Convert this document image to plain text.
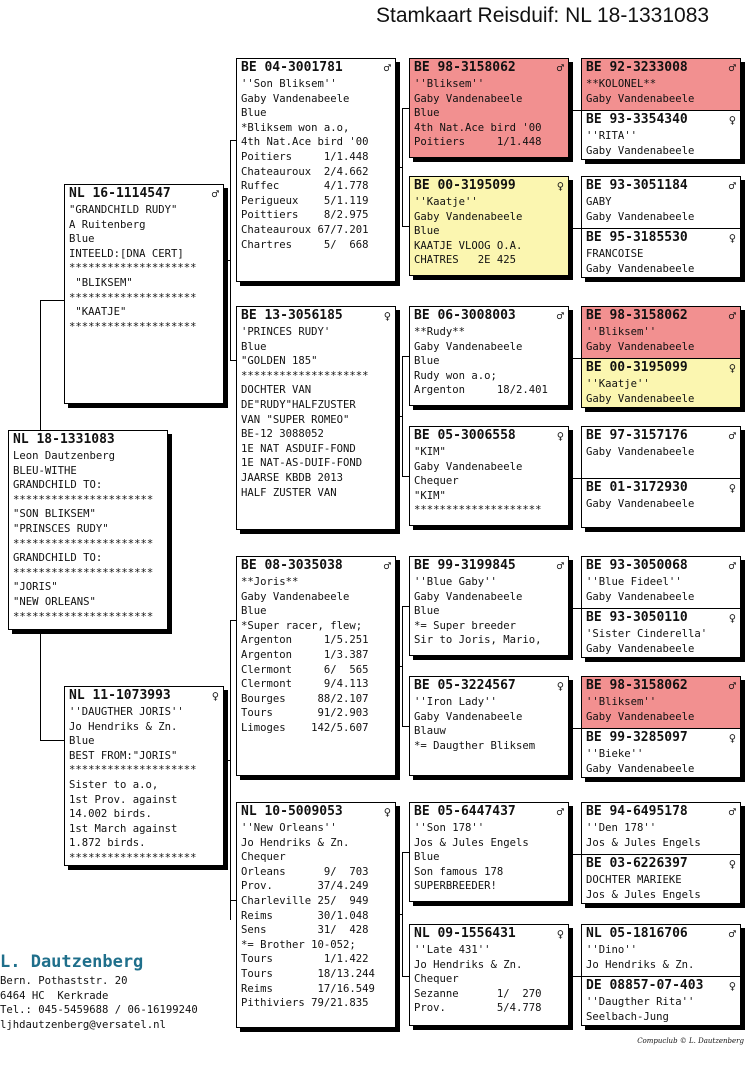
Stamkaart Reisduif: NL 18-1331083
NL 18-1331083
Leon Dautzenberg
BLEU-WITHE
GRANDCHILD TO:
**********************
"SON BLIKSEM"
"PRINSCES RUDY"
**********************
GRANDCHILD TO:
**********************
"JORIS"
"NEW ORLEANS"
**********************
NL 16-1114547	♂
"GRANDCHILD RUDY"
A Ruitenberg
Blue
INTEELD:[DNA CERT]
********************
"BLIKSEM"
********************
"KAATJE"
********************
NL 11-1073993	♀
''DAUGTHER JORIS''
Jo Hendriks & Zn.
Blue
BEST FROM:"JORIS"
********************
Sister to a.o,
1st Prov. against
14.002 birds.
1st March against
1.872 birds.
********************
BE 04-3001781	♂
''Son Bliksem''
Gaby Vandenabeele
Blue
*Bliksem won a.o,
4th Nat.Ace bird '00
Poitiers     1/1.448
Chateauroux  2/4.662
Ruffec       4/1.778
Perigueux    5/1.119
Poittiers    8/2.975
Chateauroux 67/7.201
Chartres     5/  668
BE 13-3056185	♀
'PRINCES RUDY'
Blue
"GOLDEN 185"
********************
DOCHTER VAN
DE"RUDY"HALFZUSTER
VAN "SUPER ROMEO"
BE-12 3088052
1E NAT ASDUIF-FOND
1E NAT-AS-DUIF-FOND
JAARSE KBDB 2013
HALF ZUSTER VAN
BE 08-3035038	♂
**Joris**
Gaby Vandenabeele
Blue
*Super racer, flew;
Argenton     1/5.251
Argenton     1/3.387
Clermont     6/  565
Clermont     9/4.113
Bourges     88/2.107
Tours       91/2.903
Limoges    142/5.607
NL 10-5009053	♀
''New Orleans''
Jo Hendriks & Zn.
Chequer
Orleans      9/  703
Prov.       37/4.249
Charleville 25/  949
Reims       30/1.048
Sens        31/  428
*= Brother 10-052;
Tours        1/1.422
Tours       18/13.244
Reims       17/16.549
Pithiviers 79/21.835
BE 98-3158062	♂
''Bliksem''
Gaby Vandenabeele
Blue
4th Nat.Ace bird '00
Poitiers     1/1.448
BE 00-3195099	♀
''Kaatje''
Gaby Vandenabeele
Blue
KAATJE VLOOG O.A.
CHATRES   2E 425
BE 06-3008003	♂
**Rudy**
Gaby Vandenabeele
Blue
Rudy won a.o;
Argenton     18/2.401
BE 05-3006558	♀
"KIM"
Gaby Vandenabeele
Chequer
"KIM"
********************
BE 99-3199845	♂
''Blue Gaby''
Gaby Vandenabeele
Blue
*= Super breeder
Sir to Joris, Mario,
BE 05-3224567	♀
''Iron Lady''
Gaby Vandenabeele
Blauw
*= Daugther Bliksem
BE 05-6447437	♂
''Son 178''
Jos & Jules Engels
Blue
Son famous 178
SUPERBREEDER!
NL 09-1556431	♀
''Late 431''
Jo Hendriks & Zn.
Chequer
Sezanne      1/  270
Prov.        5/4.778
BE 92-3233008	♂
**KOLONEL**
Gaby Vandenabeele
BE 93-3354340	♀
''RITA''
Gaby Vandenabeele
BE 93-3051184	♂
GABY
Gaby Vandenabeele
BE 95-3185530	♀
FRANCOISE
Gaby Vandenabeele
BE 98-3158062	♂
''Bliksem''
Gaby Vandenabeele
BE 00-3195099	♀
''Kaatje''
Gaby Vandenabeele
BE 97-3157176	♂
Gaby Vandenabeele
BE 01-3172930	♀
Gaby Vandenabeele
BE 93-3050068	♂
''Blue Fideel''
Gaby Vandenabeele
BE 93-3050110	♀
'Sister Cinderella'
Gaby Vandenabeele
BE 98-3158062	♂
''Bliksem''
Gaby Vandenabeele
BE 99-3285097	♀
''Bieke''
Gaby Vandenabeele
BE 94-6495178	♂
''Den 178''
Jos & Jules Engels
BE 03-6226397	♀
DOCHTER MARIEKE
Jos & Jules Engels
NL 05-1816706	♂
''Dino''
Jo Hendriks & Zn.
DE 08857-07-403 ♀
''Daugther Rita''
Seelbach-Jung
L. Dautzenberg
Bern. Pothaststr. 20
6464 HC  Kerkrade
Tel.: 045-5459688 / 06-16199240
ljhdautzenberg@versatel.nl
Compuclub © L. Dautzenberg
